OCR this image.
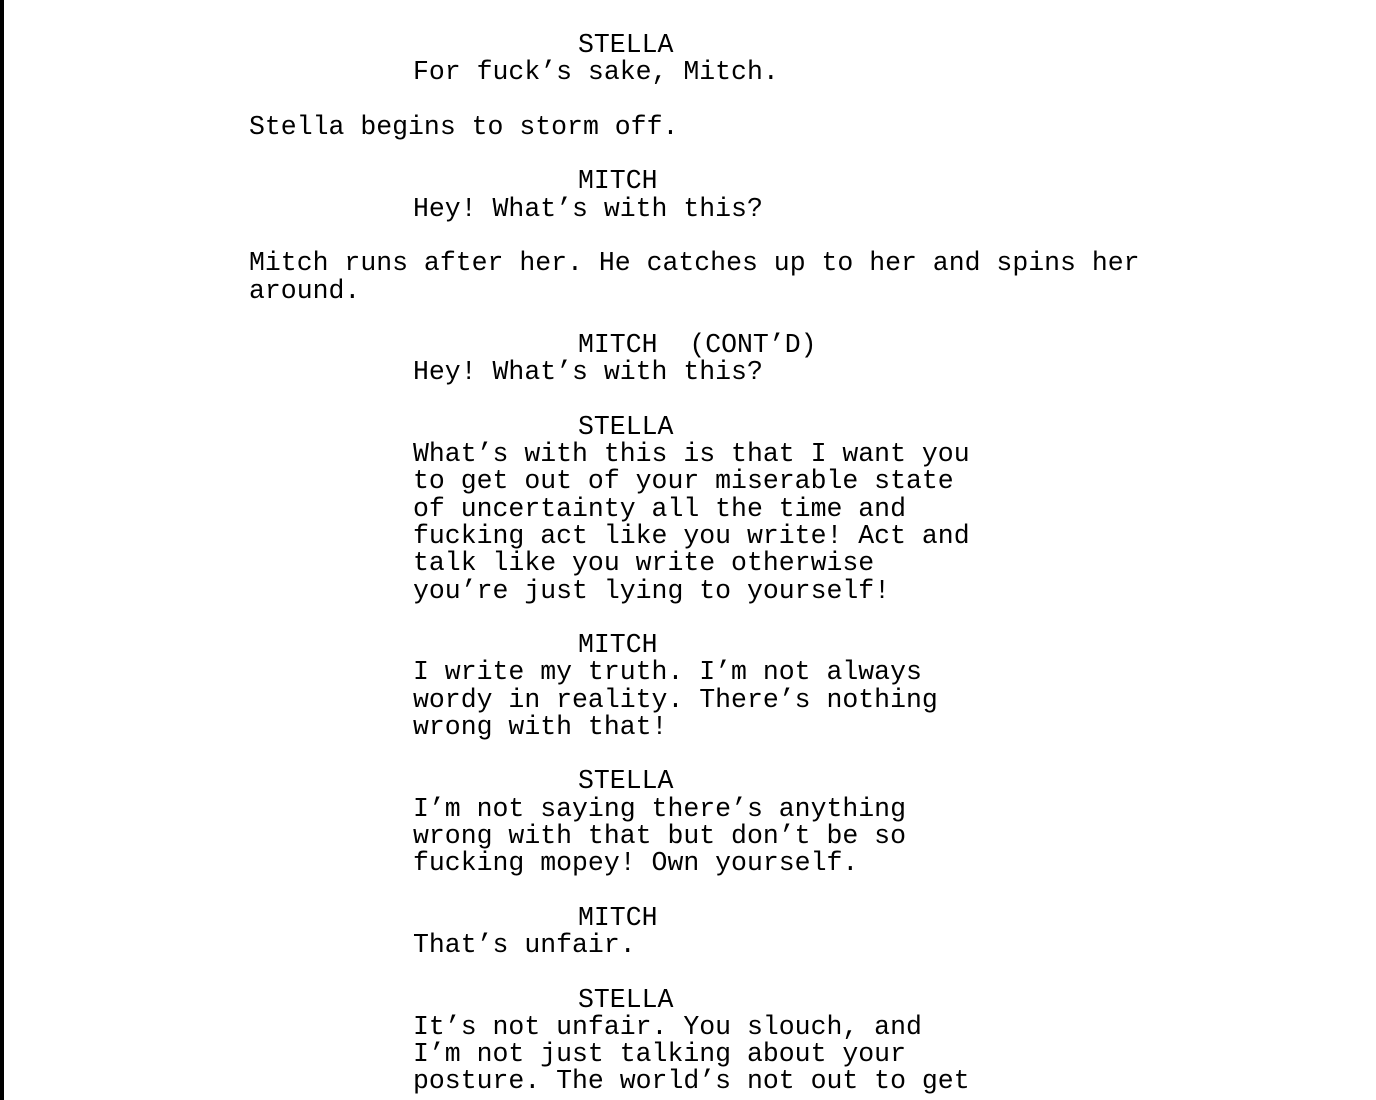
STELLA

For fuck’s sake, Mitch.

Stella begins to storm off.

MITCH

Hey! What’s with this?

Mitch runs after her. He catches up to her and spins her

around.

MITCH  (CONT’D)

Hey! What’s with this?

STELLA

What’s with this is that I want you

to get out of your miserable state

of uncertainty all the time and

fucking act like you write! Act and

talk like you write otherwise

you’re just lying to yourself!

MITCH

I write my truth. I’m not always

wordy in reality. There’s nothing

wrong with that!

STELLA

I’m not saying there’s anything

wrong with that but don’t be so

fucking mopey! Own yourself.

MITCH

That’s unfair.

STELLA

It’s not unfair. You slouch, and

I’m not just talking about your

posture. The world’s not out to get
